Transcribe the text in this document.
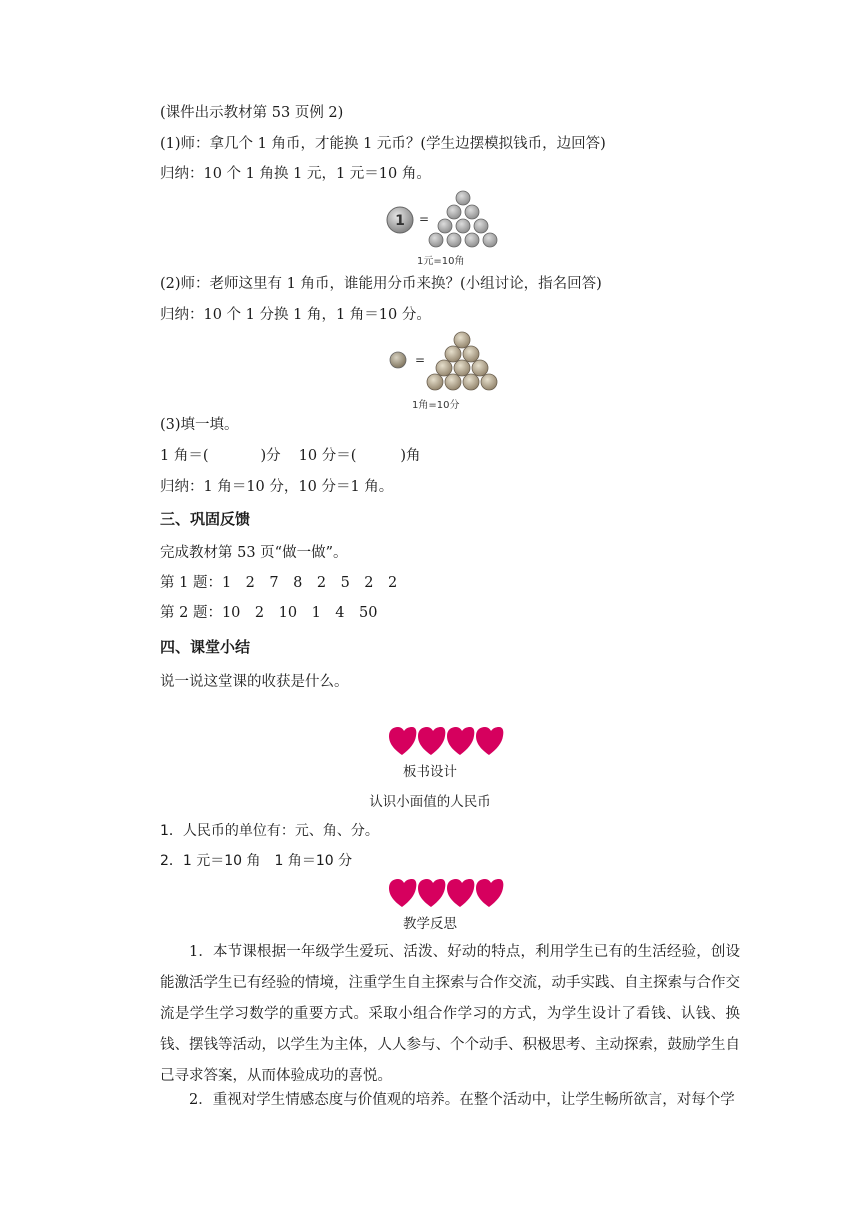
(课件出示教材第 53 页例 2)
(1)师：拿几个 1 角币，才能换 1 元币？(学生边摆模拟钱币，边回答)
归纳：10 个 1 角换 1 元，1 元＝10 角。
1 =
1元=10角
(2)师：老师这里有 1 角币，谁能用分币来换？(小组讨论，指名回答)
归纳：10 个 1 分换 1 角，1 角＝10 分。
=
1角=10分
(3)填一填。
1 角＝(	)分 10 分＝(	)角
归纳：1 角＝10 分，10 分＝1 角。
三、巩固反馈
完成教材第 53 页“做一做”。
第 1 题：1　2　7　8　2　5　2　2
第 2 题：10　2　10　1　4　50
四、课堂小结
说一说这堂课的收获是什么。
板书设计
认识小面值的人民币
1．人民币的单位有：元、角、分。
2．1 元＝10 角　1 角＝10 分
教学反思
1．本节课根据一年级学生爱玩、活泼、好动的特点，利用学生已有的生活经验，创设能激活学生已有经验的情境，注重学生自主探索与合作交流，动手实践、自主探索与合作交流是学生学习数学的重要方式。采取小组合作学习的方式，为学生设计了看钱、认钱、换钱、摆钱等活动，以学生为主体，人人参与、个个动手、积极思考、主动探索，鼓励学生自己寻求答案，从而体验成功的喜悦。
2．重视对学生情感态度与价值观的培养。在整个活动中，让学生畅所欲言，对每个学
